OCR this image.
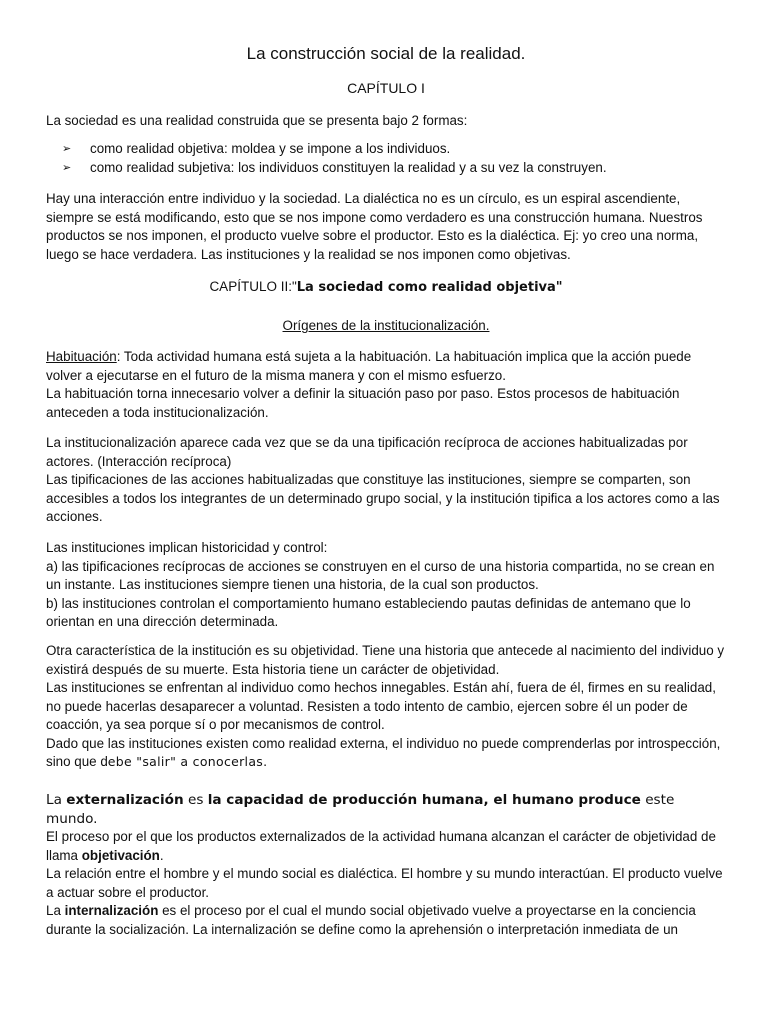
La construcción social de la realidad.
CAPÍTULO I

La sociedad es una realidad construida que se presenta bajo 2 formas:

➢ como realidad objetiva: moldea y se impone a los individuos.
➢ como realidad subjetiva: los individuos constituyen la realidad y a su vez la construyen.

Hay una interacción entre individuo y la sociedad. La dialéctica no es un círculo, es un espiral ascendiente, siempre se está modificando, esto que se nos impone como verdadero es una construcción humana. Nuestros productos se nos imponen, el producto vuelve sobre el productor. Esto es la dialéctica. Ej: yo creo una norma, luego se hace verdadera. Las instituciones y la realidad se nos imponen como objetivas.

CAPÍTULO II:"La sociedad como realidad objetiva"
Orígenes de la institucionalización.

Habituación: Toda actividad humana está sujeta a la habituación. La habituación implica que la acción puede volver a ejecutarse en el futuro de la misma manera y con el mismo esfuerzo.

La habituación torna innecesario volver a definir la situación paso por paso. Estos procesos de habituación anteceden a toda institucionalización.

La institucionalización aparece cada vez que se da una tipificación recíproca de acciones habitualizadas por actores. (Interacción recíproca)

Las tipificaciones de las acciones habitualizadas que constituye las instituciones, siempre se comparten, son accesibles a todos los integrantes de un determinado grupo social, y la institución tipifica a los actores como a las acciones.

Las instituciones implican historicidad y control:

a) las tipificaciones recíprocas de acciones se construyen en el curso de una historia compartida, no se crean en un instante. Las instituciones siempre tienen una historia, de la cual son productos.

b) las instituciones controlan el comportamiento humano estableciendo pautas definidas de antemano que lo orientan en una dirección determinada.

Otra característica de la institución es su objetividad. Tiene una historia que antecede al nacimiento del individuo y existirá después de su muerte. Esta historia tiene un carácter de objetividad.

Las instituciones se enfrentan al individuo como hechos innegables. Están ahí, fuera de él, firmes en su realidad, no puede hacerlas desaparecer a voluntad. Resisten a todo intento de cambio, ejercen sobre él un poder de coacción, ya sea porque sí o por mecanismos de control.

Dado que las instituciones existen como realidad externa, el individuo no puede comprenderlas por introspección, sino que debe "salir" a conocerlas.

La externalización es la capacidad de producción humana, el humano produce este mundo.

El proceso por el que los productos externalizados de la actividad humana alcanzan el carácter de objetividad de llama objetivación.

La relación entre el hombre y el mundo social es dialéctica. El hombre y su mundo interactúan. El producto vuelve a actuar sobre el productor.

La internalización es el proceso por el cual el mundo social objetivado vuelve a proyectarse en la conciencia durante la socialización. La internalización se define como la aprehensión o interpretación inmediata de un
